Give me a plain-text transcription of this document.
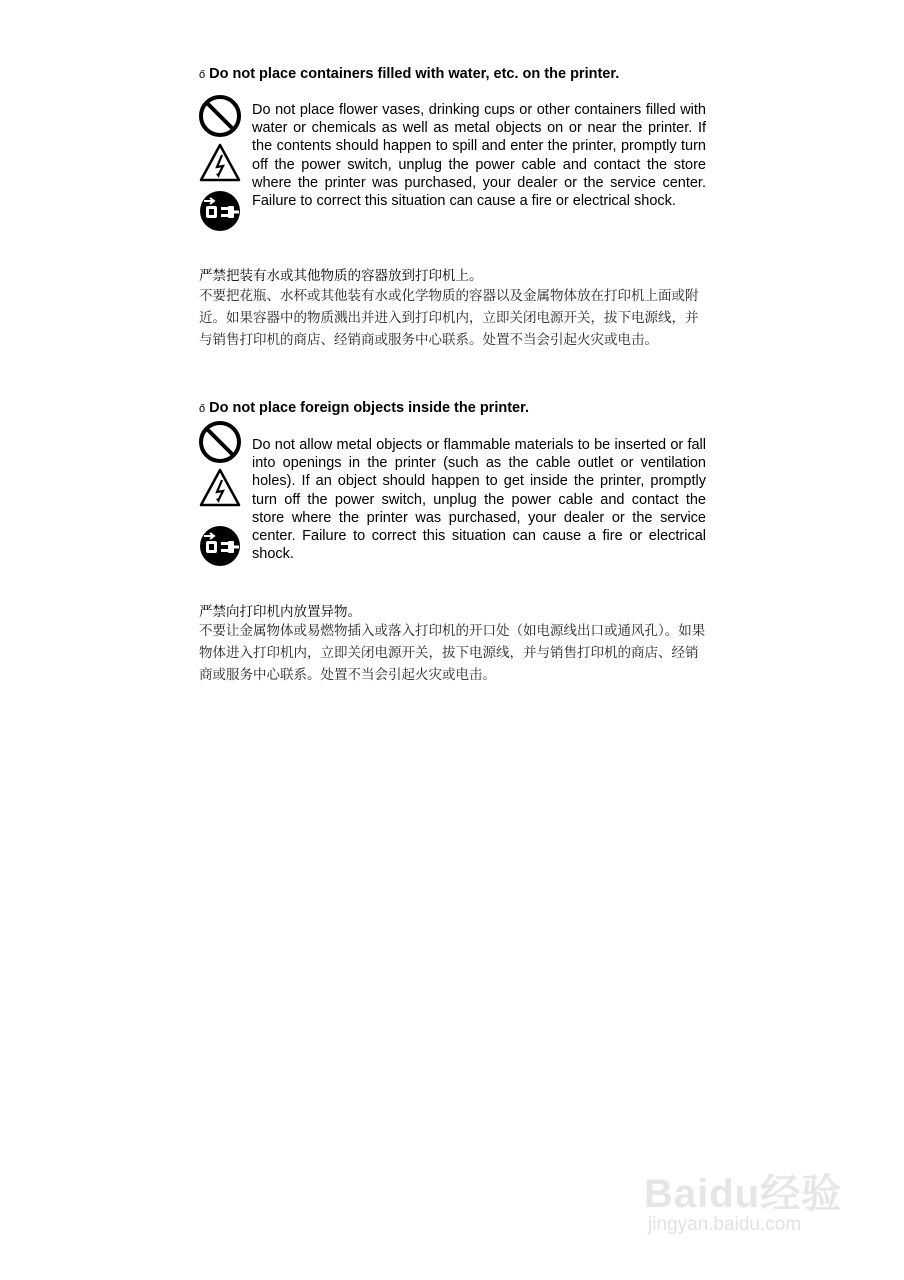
ő Do not place containers filled with water, etc. on the printer.
Do not place flower vases, drinking cups or other containers filled with water or chemicals as well as metal objects on or near the printer. If the contents should happen to spill and enter the printer, promptly turn off the power switch, unplug the power cable and contact the store where the printer was purchased, your dealer or the service center. Failure to correct this situation can cause a fire or electrical shock.
严禁把装有水或其他物质的容器放到打印机上。
不要把花瓶、水杯或其他装有水或化学物质的容器以及金属物体放在打印机上面或附近。如果容器中的物质溅出并进入到打印机内，立即关闭电源开关，拔下电源线，并与销售打印机的商店、经销商或服务中心联系。处置不当会引起火灾或电击。
ő Do not place foreign objects inside the printer.
Do not allow metal objects or flammable materials to be inserted or fall into openings in the printer (such as the cable outlet or ventilation holes). If an object should happen to get inside the printer, promptly turn off the power switch, unplug the power cable and contact the store where the printer was purchased, your dealer or the service center. Failure to correct this situation can cause a fire or electrical shock.
严禁向打印机内放置异物。
不要让金属物体或易燃物插入或落入打印机的开口处（如电源线出口或通风孔）。如果物体进入打印机内，立即关闭电源开关，拔下电源线，并与销售打印机的商店、经销商或服务中心联系。处置不当会引起火灾或电击。
Baidu经验
jingyan.baidu.com
